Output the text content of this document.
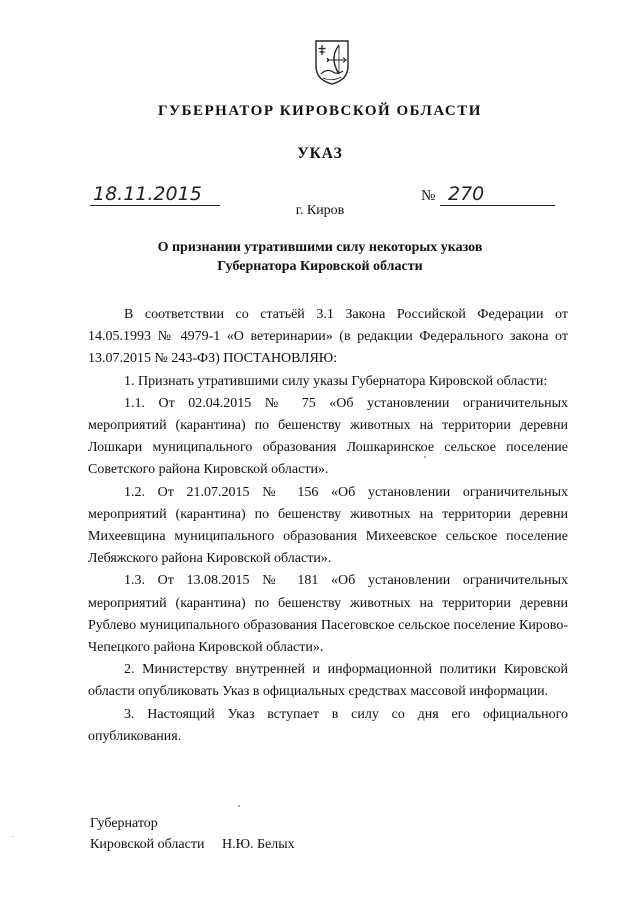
ГУБЕРНАТОР КИРОВСКОЙ ОБЛАСТИ
УКАЗ
18.11.2015	№ 270
г. Киров
О признании утратившими силу некоторых указов
Губернатора Кировской области

В соответствии со статьёй 3.1 Закона Российской Федерации от 14.05.1993 № 4979-1 «О ветеринарии» (в редакции Федерального закона от 13.07.2015 № 243-ФЗ) ПОСТАНОВЛЯЮ:

1. Признать утратившими силу указы Губернатора Кировской области:

1.1. От 02.04.2015 № 75 «Об установлении ограничительных мероприятий (карантина) по бешенству животных на территории деревни Лошкари муниципального образования Лошкаринское сельское поселение Советского района Кировской области».

1.2. От 21.07.2015 № 156 «Об установлении ограничительных мероприятий (карантина) по бешенству животных на территории деревни Михеевщина муниципального образования Михеевское сельское поселение Лебяжского района Кировской области».

1.3. От 13.08.2015 № 181 «Об установлении ограничительных мероприятий (карантина) по бешенству животных на территории деревни Рублево муниципального образования Пасеговское сельское поселение Кирово-Чепецкого района Кировской области».

2. Министерству внутренней и информационной политики Кировской области опубликовать Указ в официальных средствах массовой информации.

3. Настоящий Указ вступает в силу со дня его официального опубликования.

Губернатор
Кировской области Н.Ю. Белых
